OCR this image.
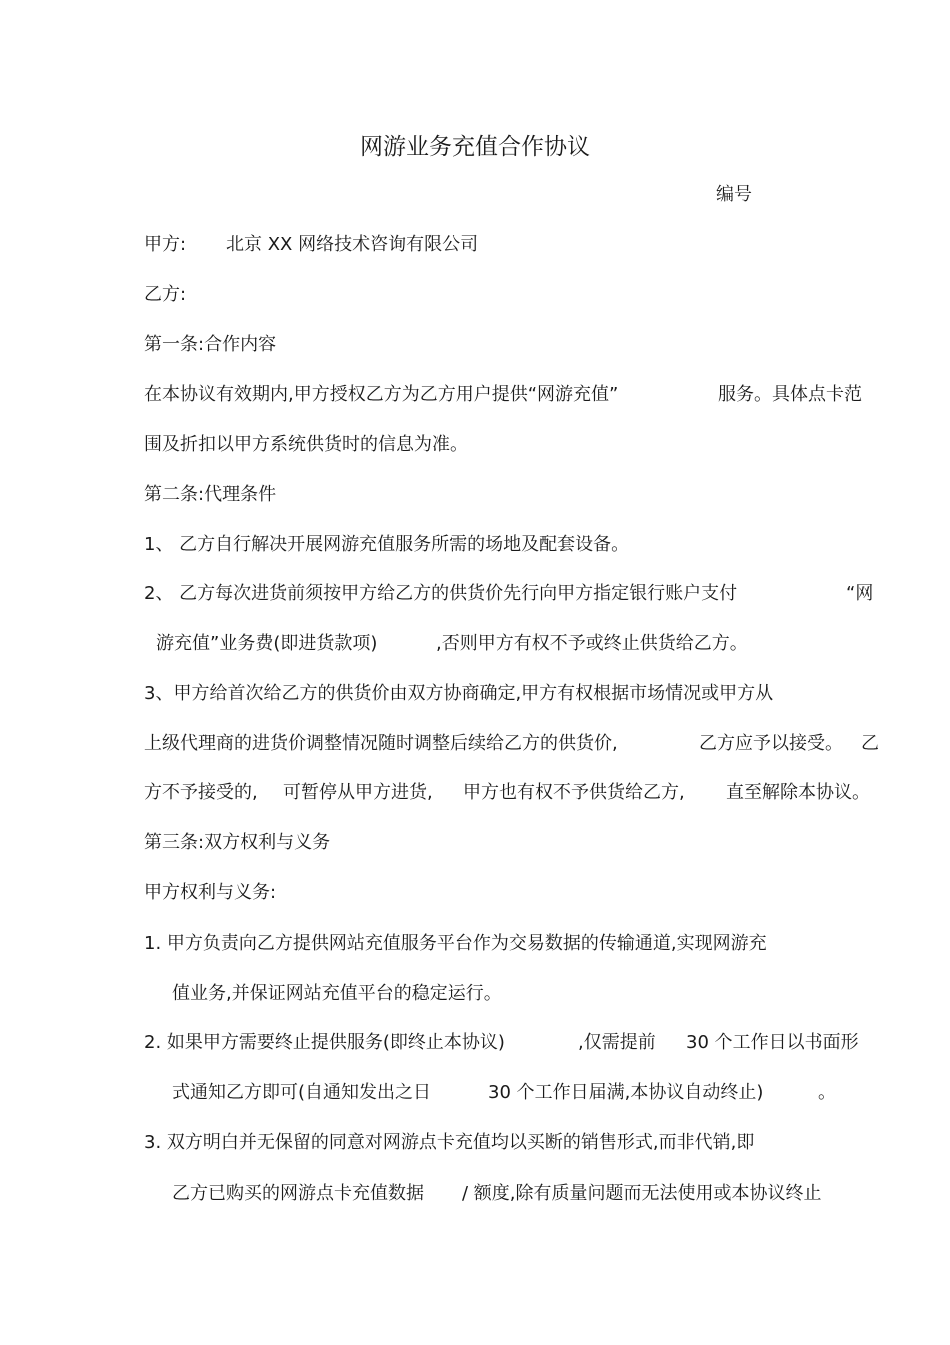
网游业务充值合作协议
编号
甲方: 北京 XX 网络技术咨询有限公司
乙方:
第一条:合作内容
在本协议有效期内,甲方授权乙方为乙方用户提供“网游充值”	服务。具体点卡范
围及折扣以甲方系统供货时的信息为准。
第二条:代理条件
1、 乙方自行解决开展网游充值服务所需的场地及配套设备。
2、 乙方每次进货前须按甲方给乙方的供货价先行向甲方指定银行账户支付	“网
游充值”业务费(即进货款项)	,否则甲方有权不予或终止供货给乙方。
3、甲方给首次给乙方的供货价由双方协商确定,甲方有权根据市场情况或甲方从
上级代理商的进货价调整情况随时调整后续给乙方的供货价,	乙方应予以接受。 乙
方不予接受的, 可暂停从甲方进货, 甲方也有权不予供货给乙方, 直至解除本协议。
第三条:双方权利与义务
甲方权利与义务:
1. 甲方负责向乙方提供网站充值服务平台作为交易数据的传输通道,实现网游充
值业务,并保证网站充值平台的稳定运行。
2. 如果甲方需要终止提供服务(即终止本协议)	,仅需提前 30 个工作日以书面形
式通知乙方即可(自通知发出之日	30 个工作日届满,本协议自动终止)	。
3. 双方明白并无保留的同意对网游点卡充值均以买断的销售形式,而非代销,即
乙方已购买的网游点卡充值数据 / 额度,除有质量问题而无法使用或本协议终止
